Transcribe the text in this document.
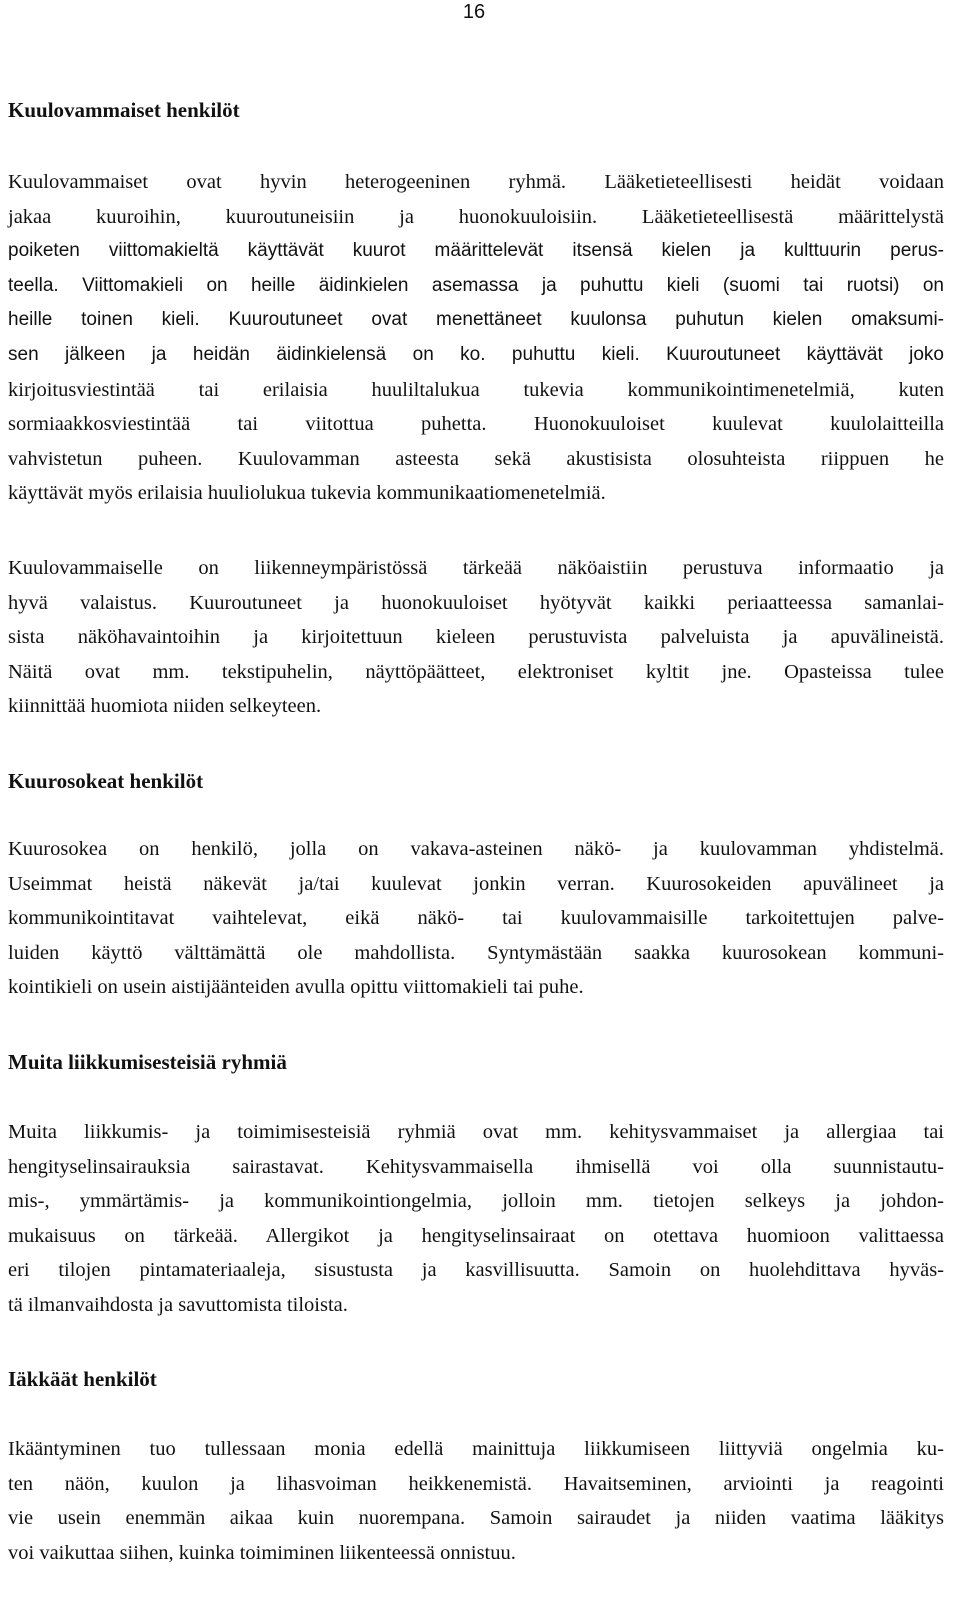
16
Kuulovammaiset henkilöt
Kuulovammaiset ovat hyvin heterogeeninen ryhmä. Lääketieteellisesti heidät voidaan
jakaa kuuroihin, kuuroutuneisiin ja huonokuuloisiin. Lääketieteellisestä määrittelystä
poiketen viittomakieltä käyttävät kuurot määrittelevät itsensä kielen ja kulttuurin perus-
teella. Viittomakieli on heille äidinkielen asemassa ja puhuttu kieli (suomi tai ruotsi) on
heille toinen kieli. Kuuroutuneet ovat menettäneet kuulonsa puhutun kielen omaksumi-
sen jälkeen ja heidän äidinkielensä on ko. puhuttu kieli. Kuuroutuneet käyttävät joko
kirjoitusviestintää tai erilaisia huuliltalukua tukevia kommunikointimenetelmiä, kuten
sormiaakkosviestintää tai viitottua puhetta. Huonokuuloiset kuulevat kuulolaitteilla
vahvistetun puheen. Kuulovamman asteesta sekä akustisista olosuhteista riippuen he
käyttävät myös erilaisia huuliolukua tukevia kommunikaatiomenetelmiä.
Kuulovammaiselle on liikenneympäristössä tärkeää näköaistiin perustuva informaatio ja
hyvä valaistus. Kuuroutuneet ja huonokuuloiset hyötyvät kaikki periaatteessa samanlai-
sista näköhavaintoihin ja kirjoitettuun kieleen perustuvista palveluista ja apuvälineistä.
Näitä ovat mm. tekstipuhelin, näyttöpäätteet, elektroniset kyltit jne. Opasteissa tulee
kiinnittää huomiota niiden selkeyteen.
Kuurosokeat henkilöt
Kuurosokea on henkilö, jolla on vakava-asteinen näkö- ja kuulovamman yhdistelmä.
Useimmat heistä näkevät ja/tai kuulevat jonkin verran. Kuurosokeiden apuvälineet ja
kommunikointitavat vaihtelevat, eikä näkö- tai kuulovammaisille tarkoitettujen palve-
luiden käyttö välttämättä ole mahdollista. Syntymästään saakka kuurosokean kommuni-
kointikieli on usein aistijäänteiden avulla opittu viittomakieli tai puhe.
Muita liikkumisesteisiä ryhmiä
Muita liikkumis- ja toimimisesteisiä ryhmiä ovat mm. kehitysvammaiset ja allergiaa tai
hengityselinsairauksia sairastavat. Kehitysvammaisella ihmisellä voi olla suunnistautu-
mis-, ymmärtämis- ja kommunikointiongelmia, jolloin mm. tietojen selkeys ja johdon-
mukaisuus on tärkeää. Allergikot ja hengityselinsairaat on otettava huomioon valittaessa
eri tilojen pintamateriaaleja, sisustusta ja kasvillisuutta. Samoin on huolehdittava hyväs-
tä ilmanvaihdosta ja savuttomista tiloista.
Iäkkäät henkilöt
Ikääntyminen tuo tullessaan monia edellä mainittuja liikkumiseen liittyviä ongelmia ku-
ten näön, kuulon ja lihasvoiman heikkenemistä. Havaitseminen, arviointi ja reagointi
vie usein enemmän aikaa kuin nuorempana. Samoin sairaudet ja niiden vaatima lääkitys
voi vaikuttaa siihen, kuinka toimiminen liikenteessä onnistuu.
